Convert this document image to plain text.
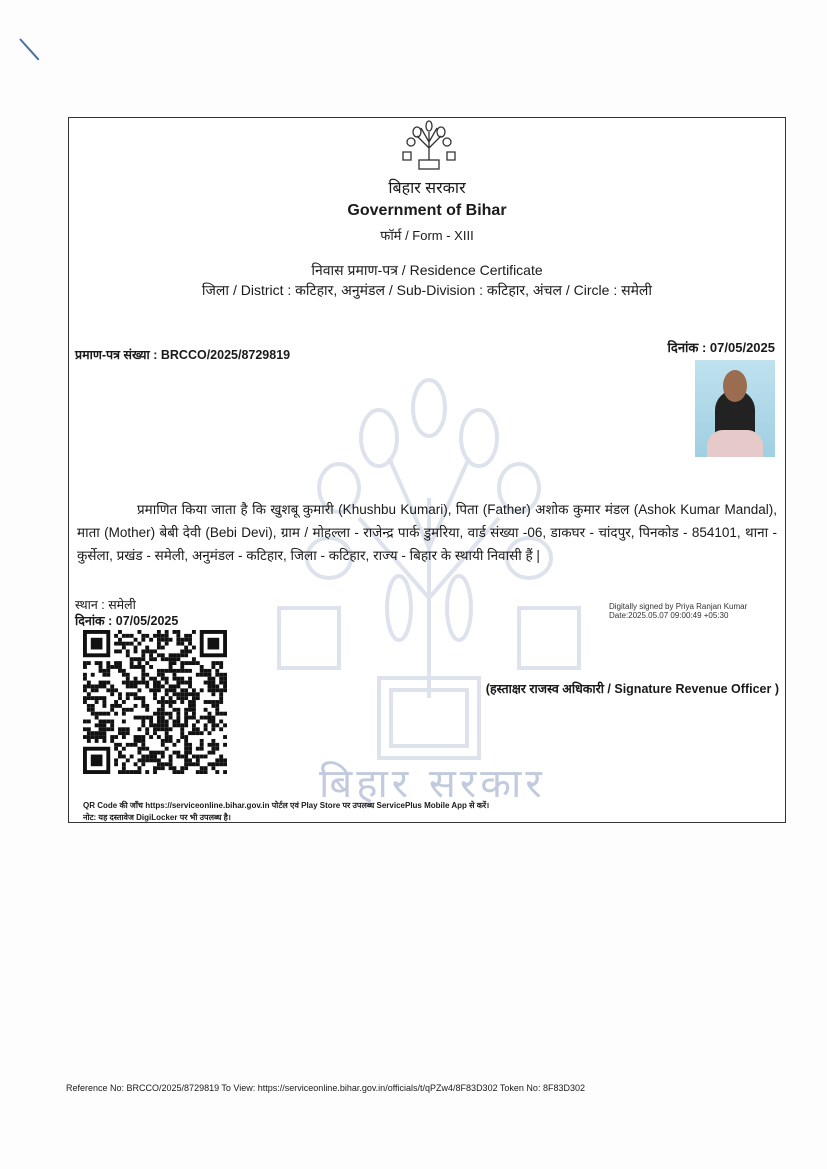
बिहार सरकार
बिहार सरकार
Government of Bihar
फॉर्म / Form - XIII
निवास प्रमाण-पत्र / Residence Certificate
जिला / District : कटिहार, अनुमंडल / Sub-Division : कटिहार, अंचल / Circle : समेली
प्रमाण-पत्र संख्या : BRCCO/2025/8729819	दिनांक : 07/05/2025
प्रमाणित किया जाता है कि खुशबू कुमारी (Khushbu Kumari), पिता (Father) अशोक कुमार मंडल (Ashok Kumar Mandal), माता (Mother) बेबी देवी (Bebi Devi), ग्राम / मोहल्ला - राजेन्द्र पार्क डुमरिया, वार्ड संख्या -06, डाकघर - चांदपुर, पिनकोड - 854101, थाना - कुर्सेला, प्रखंड - समेली, अनुमंडल - कटिहार, जिला - कटिहार, राज्य - बिहार के स्थायी निवासी हैं |
स्थान : समेली
दिनांक : 07/05/2025
Digitally signed by Priya Ranjan Kumar
Date:2025.05.07 09:00:49 +05:30
(हस्ताक्षर राजस्व अधिकारी / Signature Revenue Officer )
QR Code की जाँच https://serviceonline.bihar.gov.in पोर्टल एवं Play Store पर उपलब्ध ServicePlus Mobile App से करें।
नोट: यह दस्तावेज DigiLocker पर भी उपलब्ध है।
Reference No: BRCCO/2025/8729819 To View: https://serviceonline.bihar.gov.in/officials/t/qPZw4/8F83D302 Token No: 8F83D302
